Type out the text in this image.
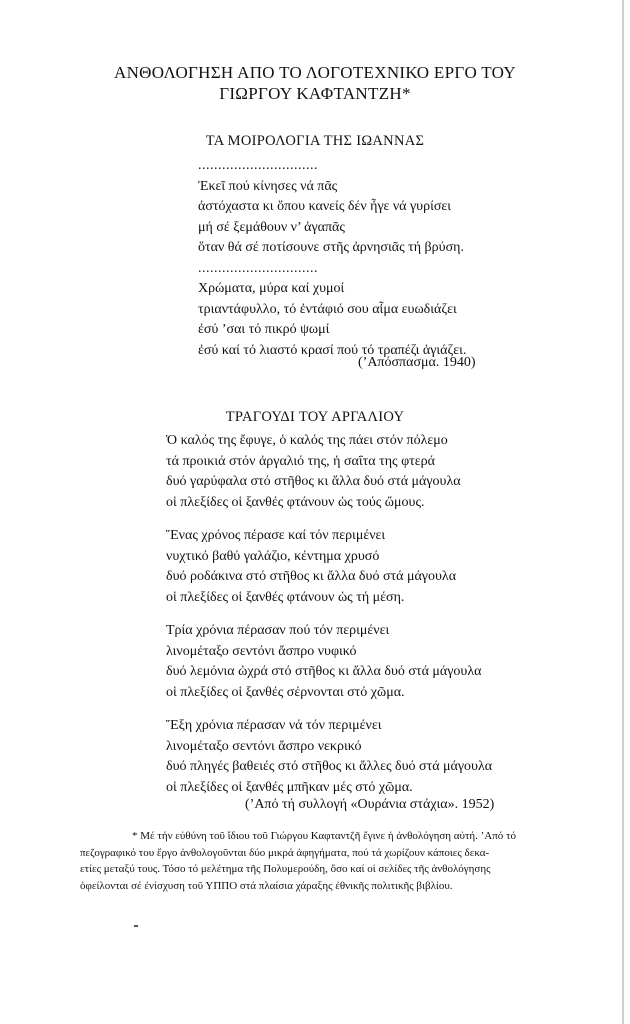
ΑΝΘΟΛΟΓΗΣΗ ΑΠΟ ΤΟ ΛΟΓΟΤΕΧΝΙΚΟ ΕΡΓΟ ΤΟΥ
ΓΙΩΡΓΟΥ ΚΑΦΤΑΝΤΖΗ*
ΤΑ ΜΟΙΡΟΛΟΓΙΑ ΤΗΣ ΙΩΑΝΝΑΣ
..............................
Ἐκεῖ πού κίνησες νά πᾶς
ἀστόχαστα κι ὅπου κανείς δέν ἦγε νά γυρίσει
μή σέ ξεμάθουν ν’ ἀγαπᾶς
ὅταν θά σέ ποτίσουνε στῆς ἀρνησιᾶς τή βρύση.
..............................
Χρώματα, μύρα καί χυμοί
τριαντάφυλλο, τό ἐντάφιό σου αἷμα ευωδιάζει
ἐσύ ’σαι τό πικρό ψωμί
ἐσύ καί τό λιαστό κρασί πού τό τραπέζι ἁγιάζει.
(’Απόσπασμα. 1940)
ΤΡΑΓΟΥΔΙ ΤΟΥ ΑΡΓΑΛΙΟΥ
Ὁ καλός της ἔφυγε, ὁ καλός της πάει στόν πόλεμο
τά προικιά στόν ἀργαλιό της, ἡ σαΐτα της φτερά
δυό γαρύφαλα στό στῆθος κι ἄλλα δυό στά μάγουλα
οἱ πλεξίδες οἱ ξανθές φτάνουν ὡς τούς ὤμους.
Ἕνας χρόνος πέρασε καί τόν περιμένει
νυχτικό βαθύ γαλάζιο, κέντημα χρυσό
δυό ροδάκινα στό στῆθος κι ἄλλα δυό στά μάγουλα
οἱ πλεξίδες οἱ ξανθές φτάνουν ὡς τή μέση.
Τρία χρόνια πέρασαν πού τόν περιμένει
λινομέταξο σεντόνι ἄσπρο νυφικό
δυό λεμόνια ὠχρά στό στῆθος κι ἄλλα δυό στά μάγουλα
οἱ πλεξίδες οἱ ξανθές σέρνονται στό χῶμα.
Ἕξη χρόνια πέρασαν νά τόν περιμένει
λινομέταξο σεντόνι ἄσπρο νεκρικό
δυό πληγές βαθειές στό στῆθος κι ἄλλες δυό στά μάγουλα
οἱ πλεξίδες οἱ ξανθές μπῆκαν μές στό χῶμα.
(’Από τή συλλογή «Ουράνια στάχια». 1952)
* Μέ τήν εὐθύνη τοῦ ἴδιου τοῦ Γιώργου Καφταντζῆ ἔγινε ἡ ἀνθολόγηση αὐτή. ’Από τό
πεζογραφικό του ἔργο ἀνθολογοῦνται δύο μικρά ἀφηγήματα, πού τά χωρίζουν κάποιες δεκα-
ετίες μεταξύ τους. Τόσο τό μελέτημα τῆς Πολυμερούδη, ὅσο καί οἱ σελίδες τῆς ἀνθολόγησης
ὀφείλονται σέ ἐνίσχυση τοῦ ΥΠΠΟ στά πλαίσια χάραξης ἐθνικῆς πολιτικῆς βιβλίου.
